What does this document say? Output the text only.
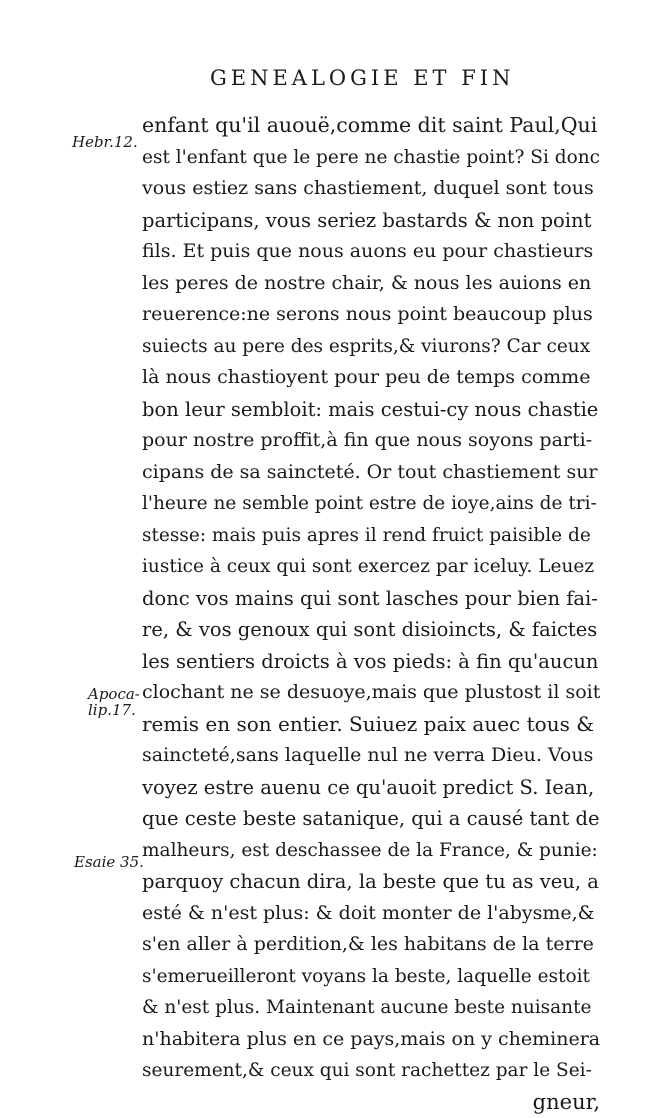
GENEALOGIE ET FIN
Hebr.12.
Apoca-
lip.17.
Esaie 35.
enfant qu'il auouë,comme dit saint Paul,Qui
est l'enfant que le pere ne chastie point? Si donc
vous estiez sans chastiement, duquel sont tous
participans, vous seriez bastards & non point
fils. Et puis que nous auons eu pour chastieurs
les peres de nostre chair, & nous les auions en
reuerence:ne serons nous point beaucoup plus
suiects au pere des esprits,& viurons? Car ceux
là nous chastioyent pour peu de temps comme
bon leur sembloit: mais cestui-cy nous chastie
pour nostre proffit,à fin que nous soyons parti-
cipans de sa saincteté. Or tout chastiement sur
l'heure ne semble point estre de ioye,ains de tri-
stesse: mais puis apres il rend fruict paisible de
iustice à ceux qui sont exercez par iceluy. Leuez
donc vos mains qui sont lasches pour bien fai-
re, & vos genoux qui sont disioincts, & faictes
les sentiers droicts à vos pieds: à fin qu'aucun
clochant ne se desuoye,mais que plustost il soit
remis en son entier. Suiuez paix auec tous &
saincteté,sans laquelle nul ne verra Dieu. Vous
voyez estre auenu ce qu'auoit predict S. Iean,
que ceste beste satanique, qui a causé tant de
malheurs, est deschassee de la France, & punie:
parquoy chacun dira, la beste que tu as veu, a
esté & n'est plus: & doit monter de l'abysme,&
s'en aller à perdition,& les habitans de la terre
s'emerueilleront voyans la beste, laquelle estoit
& n'est plus. Maintenant aucune beste nuisante
n'habitera plus en ce pays,mais on y cheminera
seurement,& ceux qui sont rachettez par le Sei-
gneur,
